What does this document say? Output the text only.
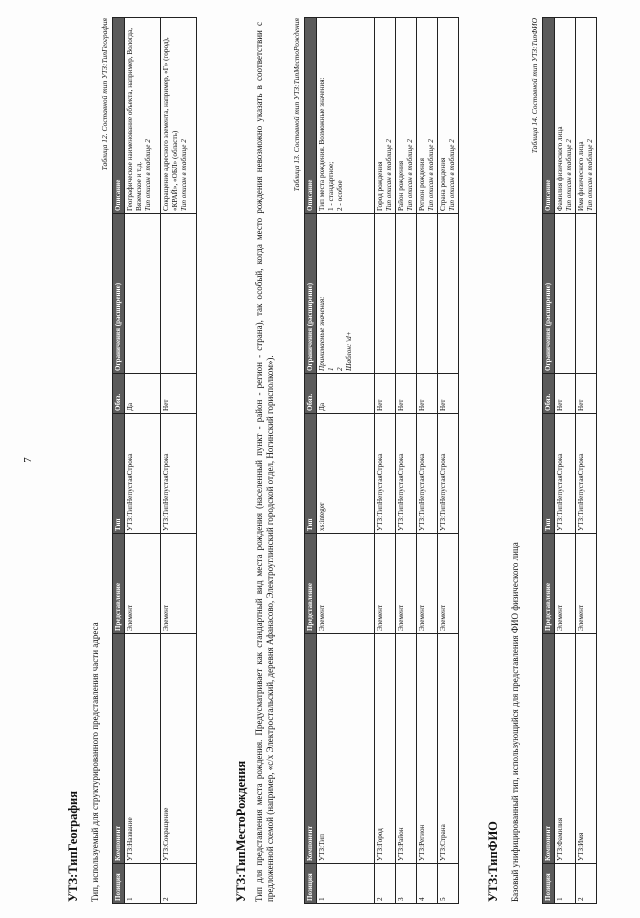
7
УТЗ:ТипГеография Тип, используемый для структурированного представления части адреса
Таблица 12. Составной тип УТЗ:ТипГеография
Позиция	Компонент	Представление	Тип	Обяз.	Ограничения (расширение)	Описание
1	УТЗ:Название	Элемент	УТЗ:ТипНепустаяСтрока	Да		Географическое наименование объекта, например, Вологда, Вяземское и т.д. Тип описан в таблице 2

2	УТЗ:Сокращение	Элемент	УТЗ:ТипНепустаяСтрока	Нет		Сокращение адресного элемента, например, «Г» (город), «КРАЙ», «ОБЛ» (область) Тип описан в таблице 2
УТЗ:ТипМестоРождения Тип для представления места рождения. Предусматривает как стандартный вид места рождения (населенный пункт - район - регион - страна), так особый, когда место рождения невозможно указать в соответствии с предложенной схемой (например, «с/х Электростальский, деревня Афанасово, Электроуглинский городской отдел, Ногинский горисполком»).
Таблица 13. Составной тип УТЗ:ТипМестоРождения
Позиция	Компонент	Представление	Тип	Обяз.	Ограничения (расширение)	Описание
1	УТЗ:Тип	Элемент	xs:integer	Да	Принимаемые значения: 1 2 Шаблон: \d+	Тип места рождения. Возможные значения: 1 - стандартное; 2 - особое

2	УТЗ:Город	Элемент	УТЗ:ТипНепустаяСтрока	Нет		Город рождения Тип описан в таблице 2

3	УТЗ:Район	Элемент	УТЗ:ТипНепустаяСтрока	Нет		Район рождения Тип описан в таблице 2

4	УТЗ:Регион	Элемент	УТЗ:ТипНепустаяСтрока	Нет		Регион рождения Тип описан в таблице 2

5	УТЗ:Страна	Элемент	УТЗ:ТипНепустаяСтрока	Нет		Страна рождения Тип описан в таблице 2
УТЗ:ТипФИО Базовый унифицированный тип, использующийся для представления ФИО физического лица
Таблица 14. Составной тип УТЗ:ТипФИО
Позиция	Компонент	Представление	Тип	Обяз.	Ограничения (расширение)	Описание
1	УТЗ:Фамилия	Элемент	УТЗ:ТипНепустаяСтрока	Нет		Фамилия физического лица Тип описан в таблице 2

2	УТЗ:Имя	Элемент	УТЗ:ТипНепустаяСтрока	Нет		Имя физического лица Тип описан в таблице 2
